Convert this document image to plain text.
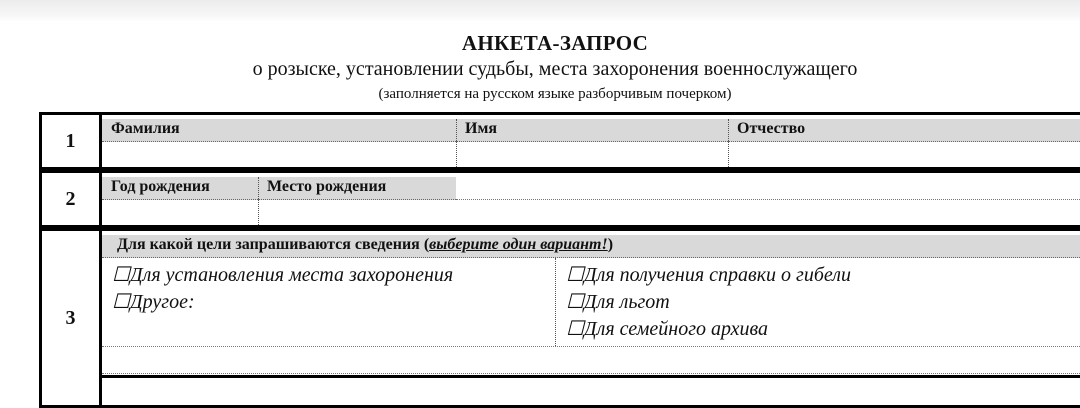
АНКЕТА-ЗАПРОС
о розыске, установлении судьбы, места захоронения военнослужащего
(заполняется на русском языке разборчивым почерком)
1
Фамилия	Имя	Отчество
2
Год рождения	Место рождения
3
Для какой цели запрашиваются сведения (выберите один вариант!)
☐Для установления места захоронения
☐Другое:
☐Для получения справки о гибели
☐Для льгот
☐Для семейного архива
